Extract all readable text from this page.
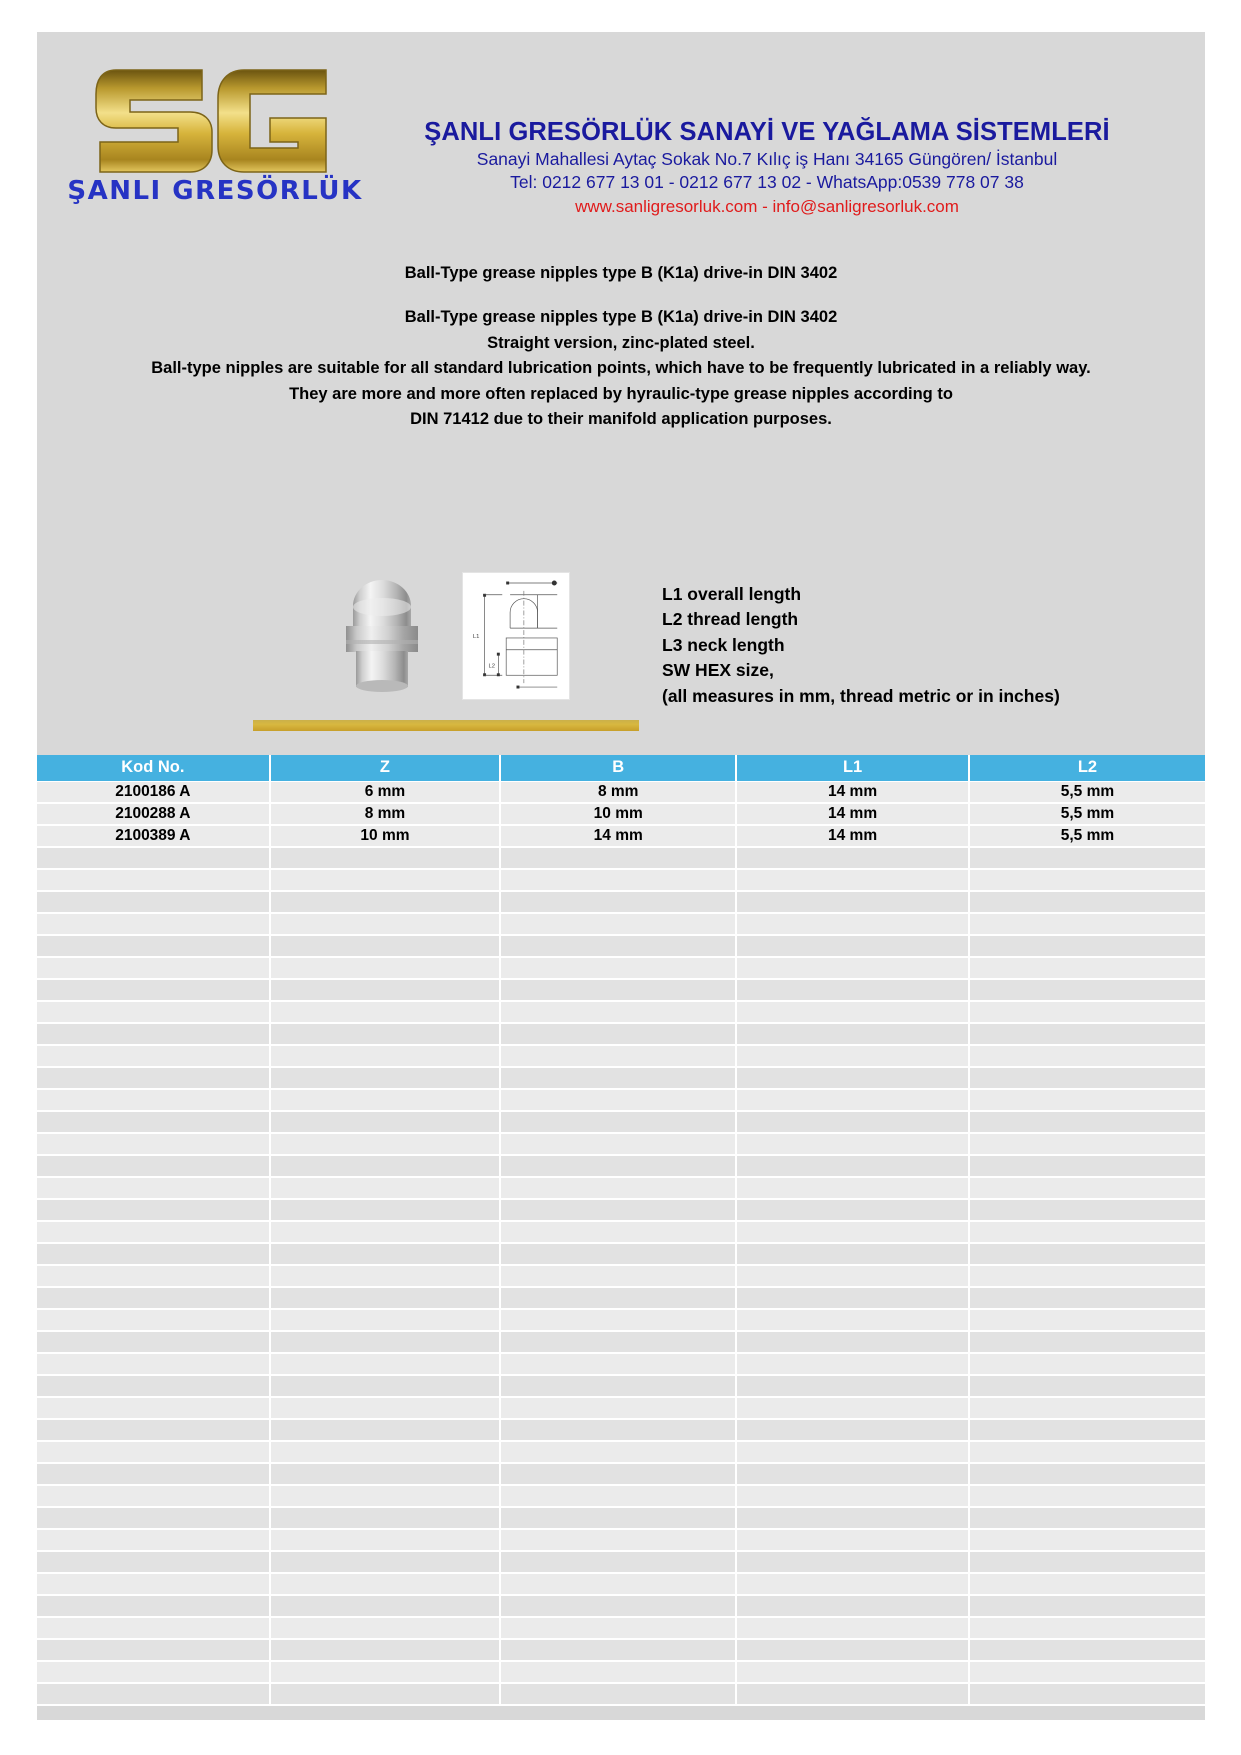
ŞANLI GRESÖRLÜK
ŞANLI GRESÖRLÜK SANAYİ VE YAĞLAMA SİSTEMLERİ
Sanayi Mahallesi Aytaç Sokak No.7 Kılıç iş Hanı 34165 Güngören/ İstanbul
Tel: 0212 677 13 01 - 0212 677 13 02 - WhatsApp:0539 778 07 38
www.sanligresorluk.com - info@sanligresorluk.com
Ball-Type grease nipples type B (K1a) drive-in DIN 3402
Ball-Type grease nipples type B (K1a) drive-in DIN 3402
Straight version, zinc-plated steel.
Ball-type nipples are suitable for all standard lubrication points, which have to be frequently lubricated in a reliably way.
They are more and more often replaced by hyraulic-type grease nipples according to
DIN 71412 due to their manifold application purposes.
L1
L2
L1 overall length
L2 thread length
L3 neck length
SW HEX size,
(all measures in mm, thread metric or in inches)
Kod No.	Z	B	L1	L2
2100186 A	6 mm	8 mm	14 mm	5,5 mm
2100288 A	8 mm	10 mm	14 mm	5,5 mm
2100389 A	10 mm	14 mm	14 mm	5,5 mm
